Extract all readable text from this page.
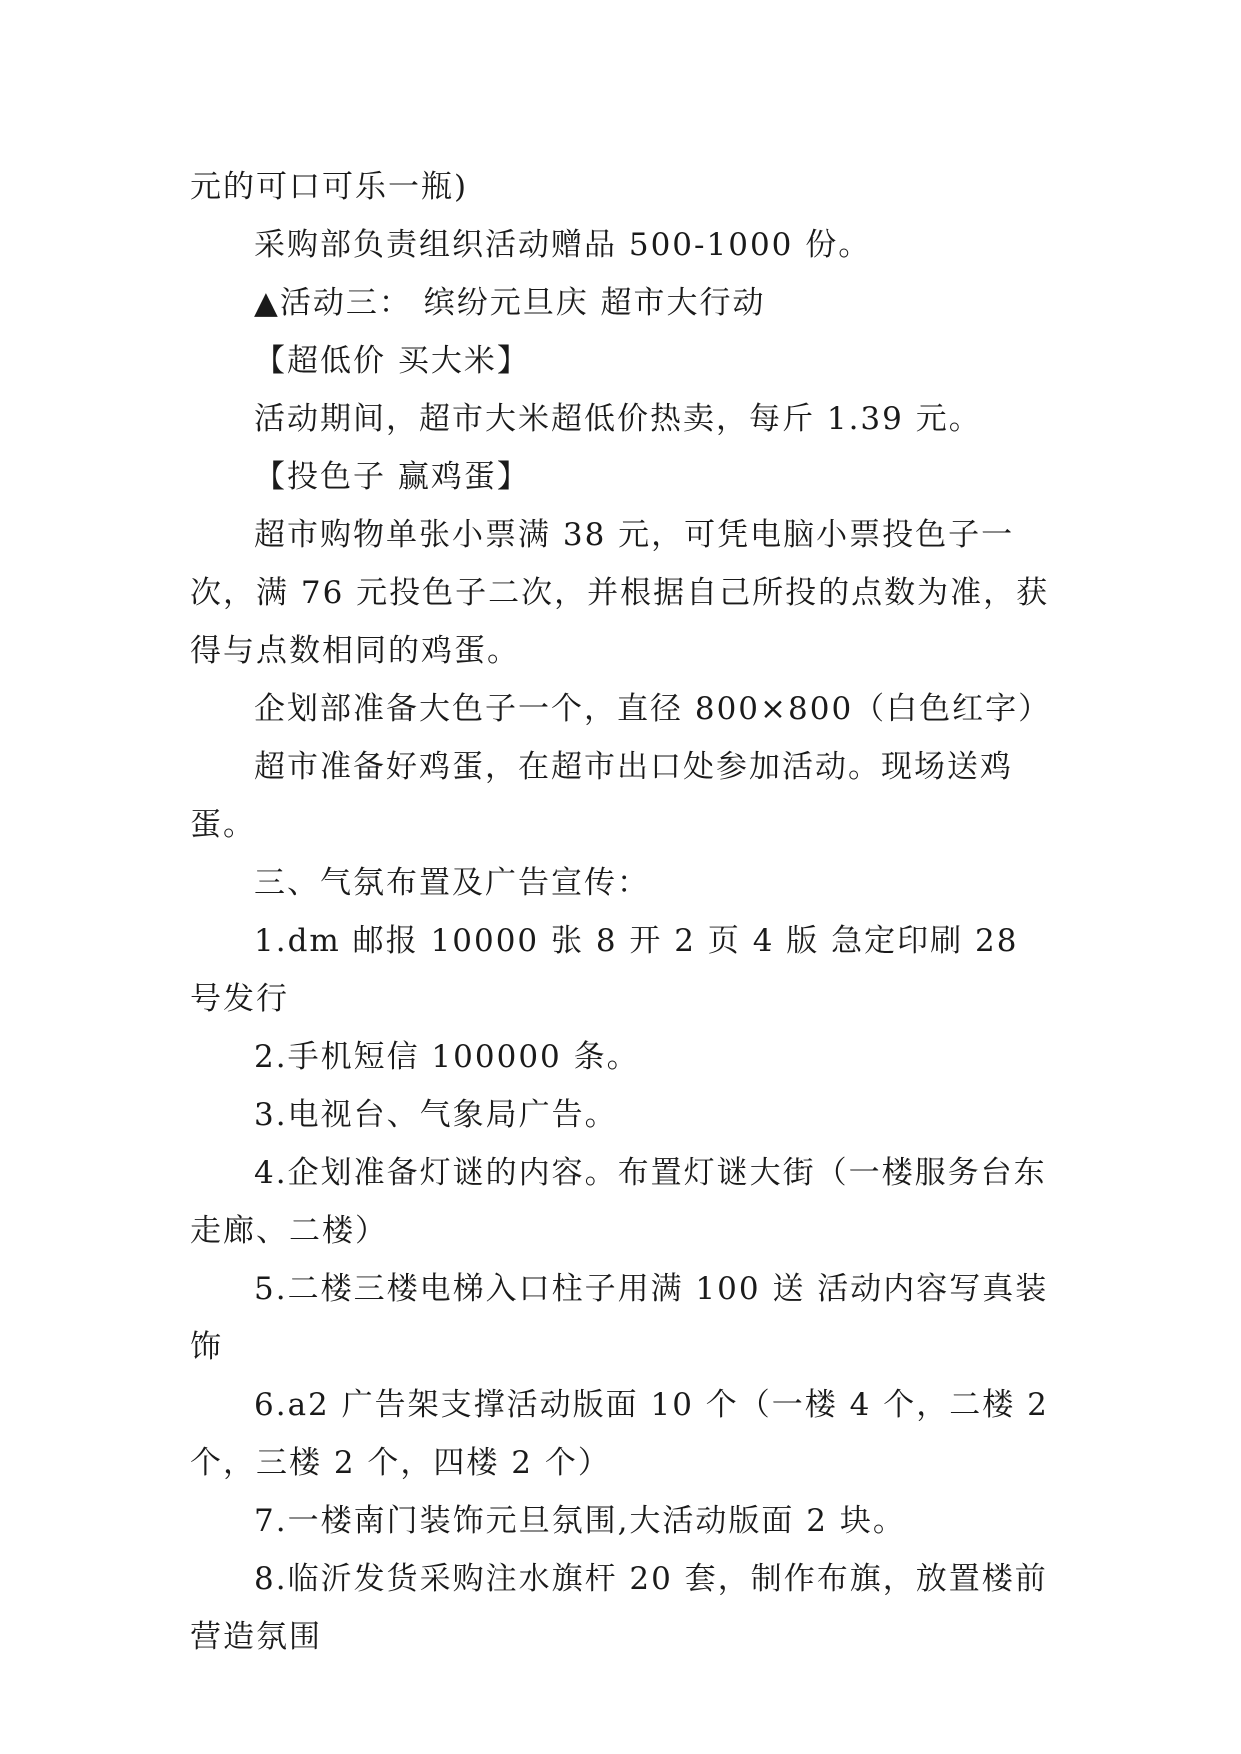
元的可口可乐一瓶)

采购部负责组织活动赠品 500-1000 份。

▲活动三： 缤纷元旦庆 超市大行动

【超低价 买大米】

活动期间，超市大米超低价热卖，每斤 1.39 元。

【投色子 赢鸡蛋】

超市购物单张小票满 38 元，可凭电脑小票投色子一次，满 76 元投色子二次，并根据自己所投的点数为准，获得与点数相同的鸡蛋。

企划部准备大色子一个，直径 800×800（白色红字）

超市准备好鸡蛋，在超市出口处参加活动。现场送鸡蛋。

三、气氛布置及广告宣传：

1.dm 邮报 10000 张 8 开 2 页 4 版 急定印刷 28 号发行

2.手机短信 100000 条。

3.电视台、气象局广告。

4.企划准备灯谜的内容。布置灯谜大街（一楼服务台东走廊、二楼）

5.二楼三楼电梯入口柱子用满 100 送 活动内容写真装饰

6.a2 广告架支撑活动版面 10 个（一楼 4 个，二楼 2 个，三楼 2 个，四楼 2 个）

7.一楼南门装饰元旦氛围,大活动版面 2 块。

8.临沂发货采购注水旗杆 20 套，制作布旗，放置楼前营造氛围
